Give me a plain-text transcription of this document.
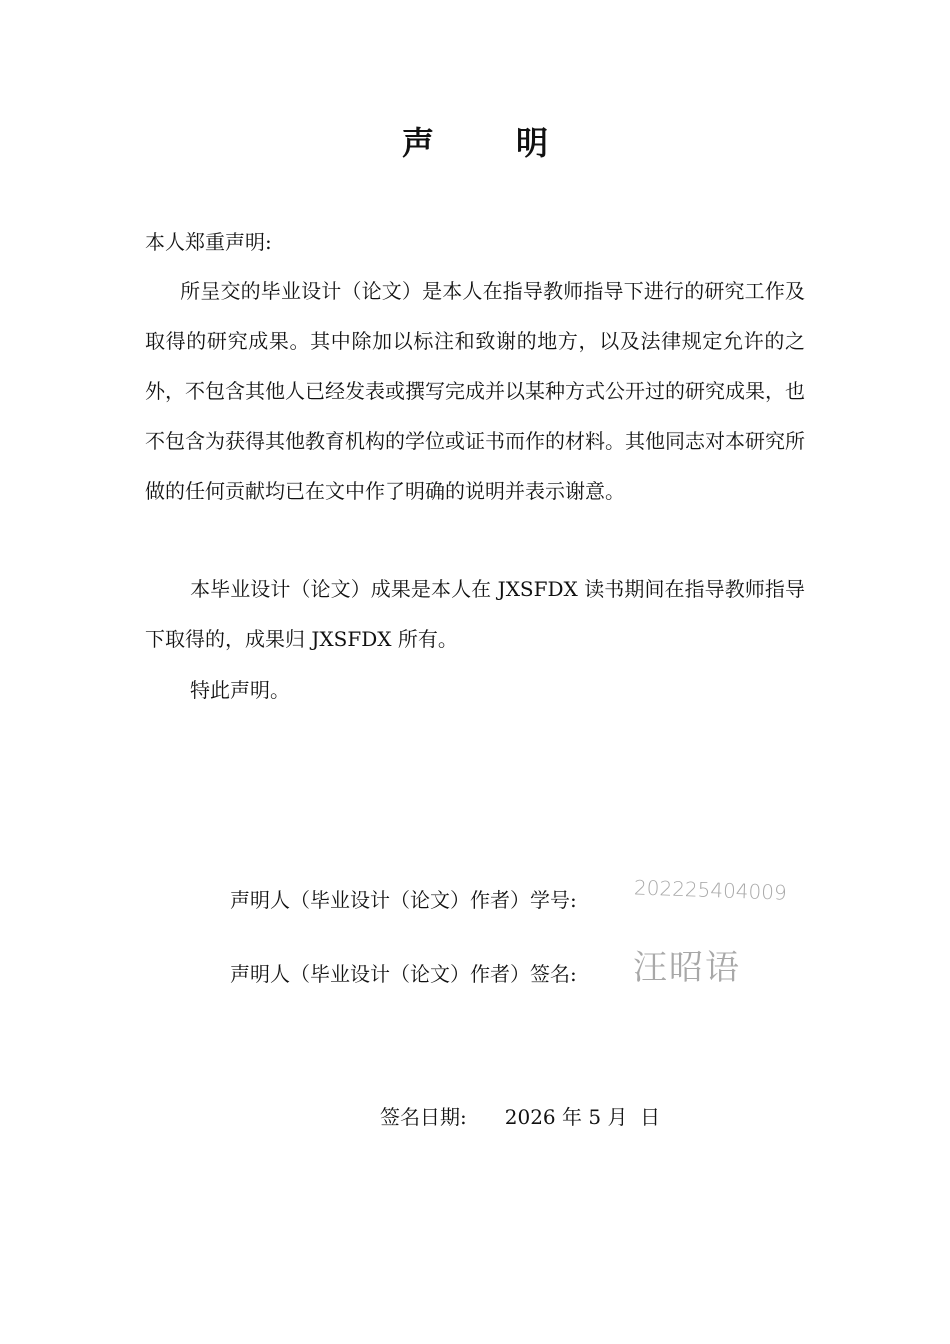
声	明
本人郑重声明:
所呈交的毕业设计（论文）是本人在指导教师指导下进行的研究工作及取得的研究成果。其中除加以标注和致谢的地方，以及法律规定允许的之外，不包含其他人已经发表或撰写完成并以某种方式公开过的研究成果，也不包含为获得其他教育机构的学位或证书而作的材料。其他同志对本研究所做的任何贡献均已在文中作了明确的说明并表示谢意。
本毕业设计（论文）成果是本人在 JXSFDX 读书期间在指导教师指导下取得的，成果归 JXSFDX 所有。
特此声明。
声明人（毕业设计（论文）作者）学号:	202225404009
声明人（毕业设计（论文）作者）签名: 汪昭语
签名日期: 2026 年 5 月  日
